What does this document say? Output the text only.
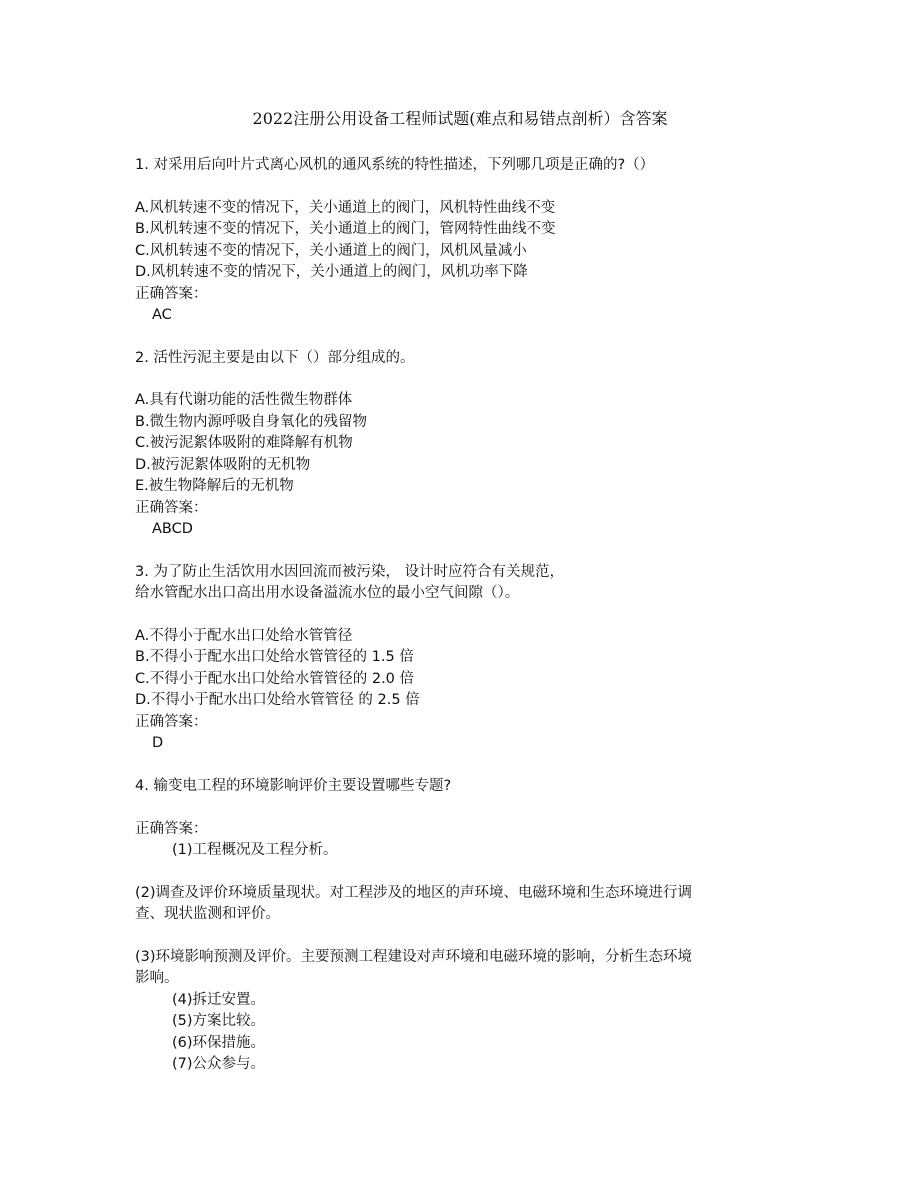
2022注册公用设备工程师试题(难点和易错点剖析）含答案
1. 对采用后向叶片式离心风机的通风系统的特性描述，下列哪几项是正确的?（）
A.风机转速不变的情况下，关小通道上的阀门，风机特性曲线不变
B.风机转速不变的情况下，关小通道上的阀门，管网特性曲线不变
C.风机转速不变的情况下，关小通道上的阀门，风机风量减小
D.风机转速不变的情况下，关小通道上的阀门，风机功率下降
正确答案：
AC
2. 活性污泥主要是由以下（）部分组成的。
A.具有代谢功能的活性微生物群体
B.微生物内源呼吸自身氧化的残留物
C.被污泥絮体吸附的难降解有机物
D.被污泥絮体吸附的无机物
E.被生物降解后的无机物
正确答案：
ABCD
3. 为了防止生活饮用水因回流而被污染， 设计时应符合有关规范，
给水管配水出口高出用水设备溢流水位的最小空气间隙（）。
A.不得小于配水出口处给水管管径
B.不得小于配水出口处给水管管径的 1.5 倍
C.不得小于配水出口处给水管管径的 2.0 倍
D.不得小于配水出口处给水管管径 的 2.5 倍
正确答案：
D
4. 输变电工程的环境影响评价主要设置哪些专题?
正确答案：
(1)工程概况及工程分析。
(2)调查及评价环境质量现状。对工程涉及的地区的声环境、电磁环境和生态环境进行调
查、现状监测和评价。
(3)环境影响预测及评价。主要预测工程建设对声环境和电磁环境的影响，分析生态环境
影响。
(4)拆迁安置。
(5)方案比较。
(6)环保措施。
(7)公众参与。
